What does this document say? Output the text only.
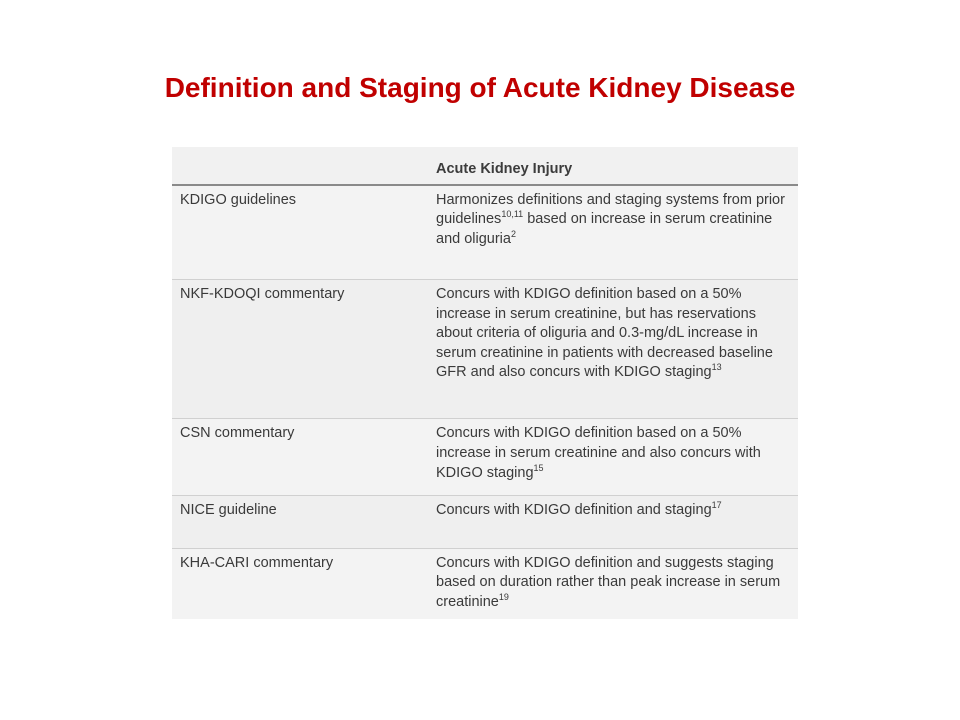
Definition and Staging of Acute Kidney Disease
	Acute Kidney Injury
KDIGO guidelines	Harmonizes definitions and staging systems from prior guidelines$^{10,11}$ based on increase in serum creatinine and oliguria$^2$
NKF-KDOQI commentary	Concurs with KDIGO definition based on a 50% increase in serum creatinine, but has reservations about criteria of oliguria and 0.3-mg/dL increase in serum creatinine in patients with decreased baseline GFR and also concurs with KDIGO staging$^{13}$
CSN commentary	Concurs with KDIGO definition based on a 50% increase in serum creatinine and also concurs with KDIGO staging$^{15}$
NICE guideline	Concurs with KDIGO definition and staging$^{17}$
KHA-CARI commentary	Concurs with KDIGO definition and suggests staging based on duration rather than peak increase in serum creatinine$^{19}$
